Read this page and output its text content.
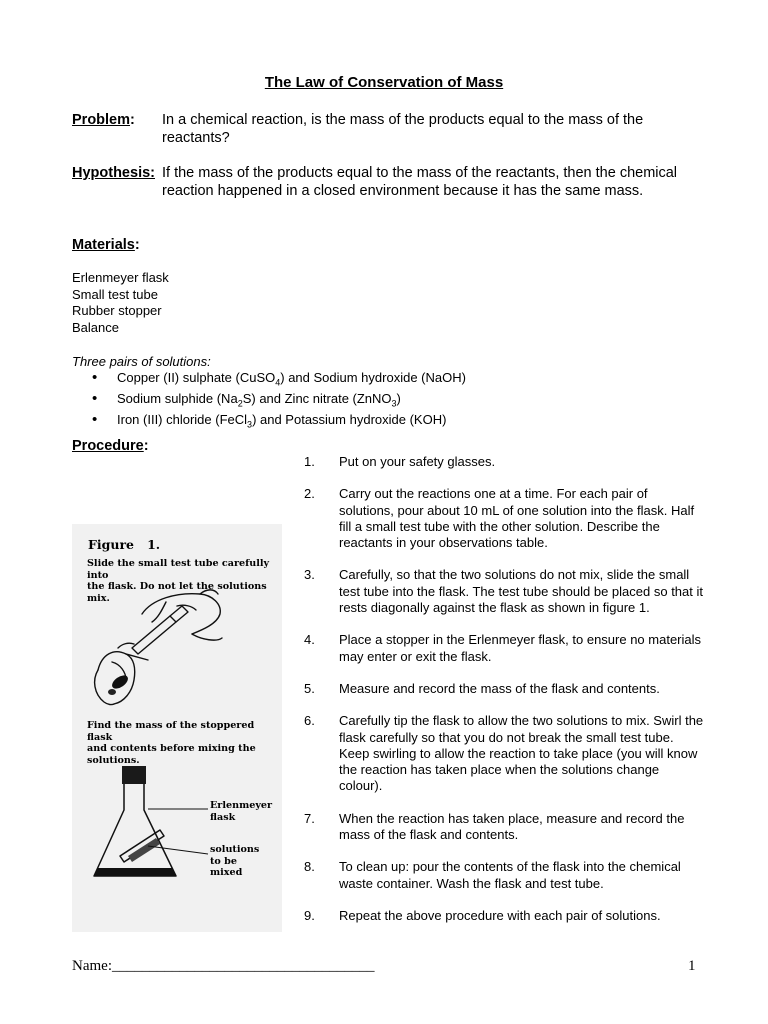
The Law of Conservation of Mass
Problem: In a chemical reaction, is the mass of the products equal to the mass of the reactants?
Hypothesis: If the mass of the products equal to the mass of the reactants, then the chemical reaction happened in a closed environment because it has the same mass.
Materials:
Erlenmeyer flask
Small test tube
Rubber stopper
Balance
Three pairs of solutions:
• Copper (II) sulphate (CuSO$_4$) and Sodium hydroxide (NaOH)
• Sodium sulphide $(Na_2S)$ and Zinc nitrate (ZnNO$_3$)
• Iron (III) chloride (FeCl$_3$) and Potassium hydroxide (KOH)
Procedure:
1.	Put on your safety glasses.
2.	Carry out the reactions one at a time. For each pair of solutions, pour about 10 mL of one solution into the flask. Half fill a small test tube with the other solution. Describe the reactants in your observations table.
3.	Carefully, so that the two solutions do not mix, slide the small test tube into the flask. The test tube should be placed so that it rests diagonally against the flask as shown in figure 1.
4.	Place a stopper in the Erlenmeyer flask, to ensure no materials may enter or exit the flask.
5.	Measure and record the mass of the flask and contents.
6.	Carefully tip the flask to allow the two solutions to mix. Swirl the flask carefully so that you do not break the small test tube. Keep swirling to allow the reaction to take place (you will know the reaction has taken place when the solutions change colour).
7.	When the reaction has taken place, measure and record the mass of the flask and contents.
8.	To clean up: pour the contents of the flask into the chemical waste container. Wash the flask and test tube.
9.	Repeat the above procedure with each pair of solutions.
Figure 1.
Slide the small test tube carefully into
the flask. Do not let the solutions mix.
Find the mass of the stoppered flask
and contents before mixing the
solutions.
Erlenmeyer
flask
solutions
to be
mixed
Name:___________________________________	1
